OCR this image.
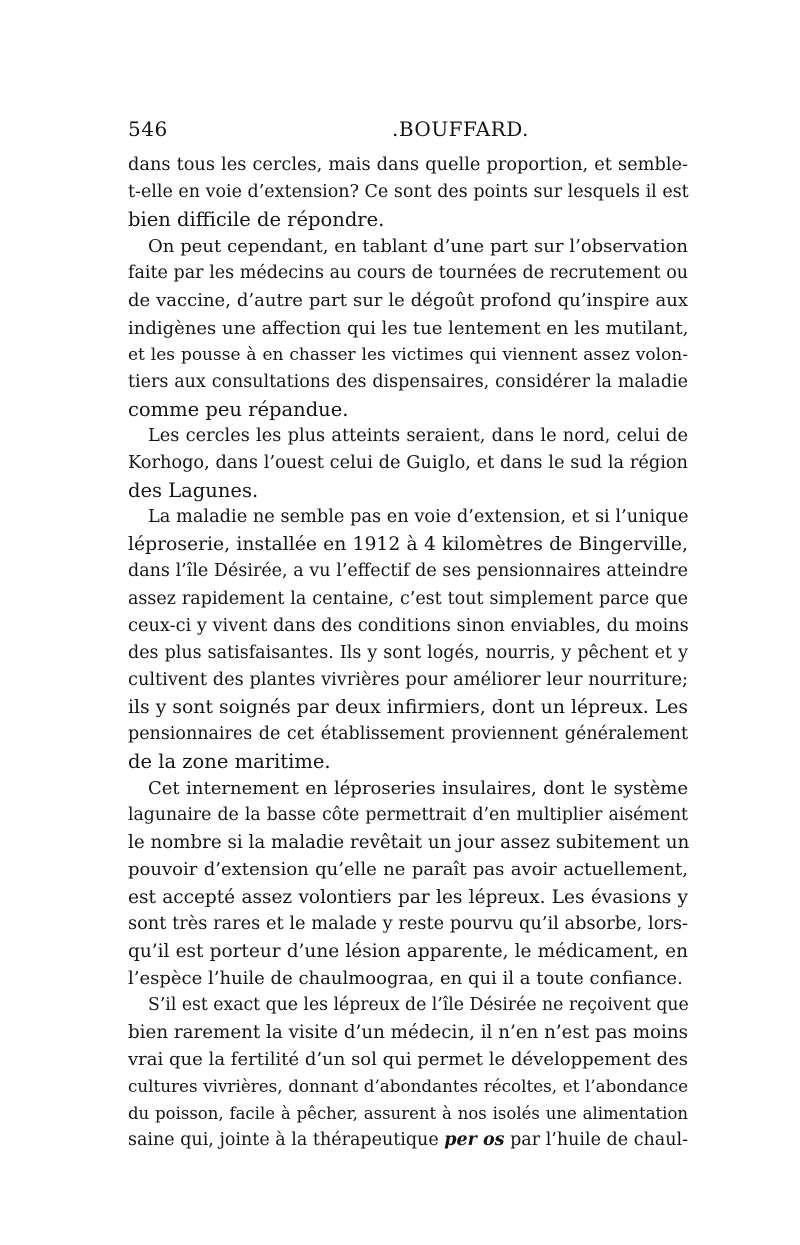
546	.BOUFFARD.
dans tous les cercles, mais dans quelle proportion, et semble-
t-elle en voie d’extension? Ce sont des points sur lesquels il est
bien difficile de répondre.
On peut cependant, en tablant d’une part sur l’observation
faite par les médecins au cours de tournées de recrutement ou
de vaccine, d’autre part sur le dégoût profond qu’inspire aux
indigènes une affection qui les tue lentement en les mutilant,
et les pousse à en chasser les victimes qui viennent assez volon-
tiers aux consultations des dispensaires, considérer la maladie
comme peu répandue.
Les cercles les plus atteints seraient, dans le nord, celui de
Korhogo, dans l’ouest celui de Guiglo, et dans le sud la région
des Lagunes.
La maladie ne semble pas en voie d’extension, et si l’unique
léproserie, installée en 1912 à 4 kilomètres de Bingerville,
dans l’île Désirée, a vu l’effectif de ses pensionnaires atteindre
assez rapidement la centaine, c’est tout simplement parce que
ceux-ci y vivent dans des conditions sinon enviables, du moins
des plus satisfaisantes. Ils y sont logés, nourris, y pêchent et y
cultivent des plantes vivrières pour améliorer leur nourriture;
ils y sont soignés par deux infirmiers, dont un lépreux. Les
pensionnaires de cet établissement proviennent généralement
de la zone maritime.
Cet internement en léproseries insulaires, dont le système
lagunaire de la basse côte permettrait d’en multiplier aisément
le nombre si la maladie revêtait un jour assez subitement un
pouvoir d’extension qu’elle ne paraît pas avoir actuellement,
est accepté assez volontiers par les lépreux. Les évasions y
sont très rares et le malade y reste pourvu qu’il absorbe, lors-
qu’il est porteur d’une lésion apparente, le médicament, en
l’espèce l’huile de chaulmoograa, en qui il a toute confiance.
S’il est exact que les lépreux de l’île Désirée ne reçoivent que
bien rarement la visite d’un médecin, il n’en n’est pas moins
vrai que la fertilité d’un sol qui permet le développement des
cultures vivrières, donnant d’abondantes récoltes, et l’abondance
du poisson, facile à pêcher, assurent à nos isolés une alimentation
saine qui, jointe à la thérapeutique per os par l’huile de chaul-
